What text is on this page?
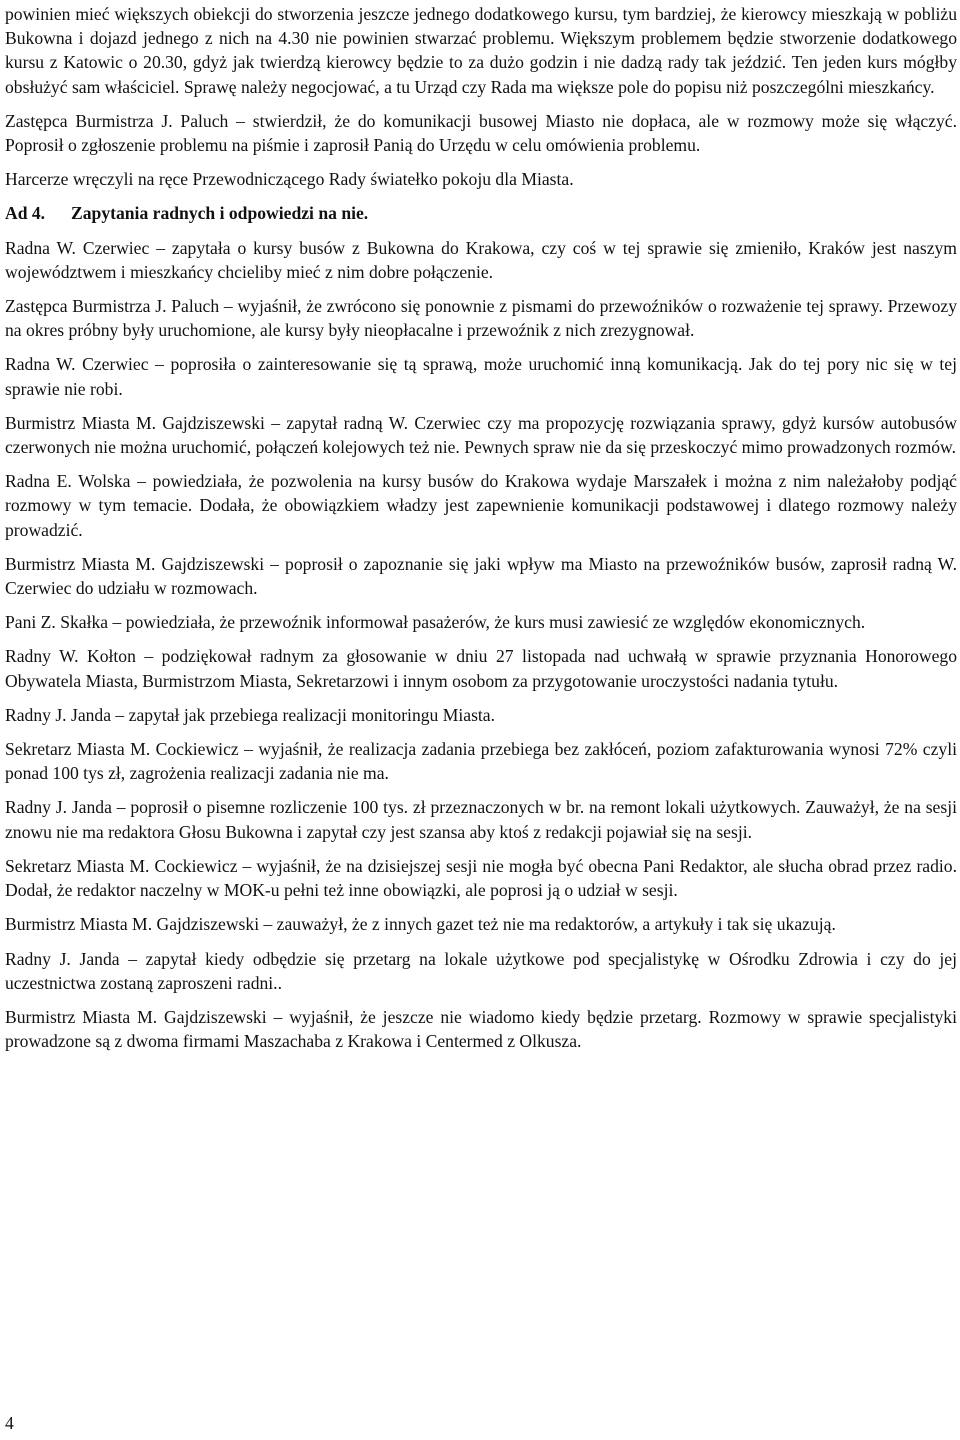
powinien mieć większych obiekcji do stworzenia jeszcze jednego dodatkowego kursu, tym bardziej, że kierowcy mieszkają w pobliżu Bukowna i dojazd jednego z nich na 4.30 nie powinien stwarzać problemu. Większym problemem będzie stworzenie dodatkowego kursu z Katowic o 20.30, gdyż jak twierdzą kierowcy będzie to za dużo godzin i nie dadzą rady tak jeździć. Ten jeden kurs mógłby obsłużyć sam właściciel. Sprawę należy negocjować, a tu Urząd czy Rada ma większe pole do popisu niż poszczególni mieszkańcy.

Zastępca Burmistrza J. Paluch – stwierdził, że do komunikacji busowej Miasto nie dopłaca, ale w rozmowy może się włączyć. Poprosił o zgłoszenie problemu na piśmie i zaprosił Panią do Urzędu w celu omówienia problemu.

Harcerze wręczyli na ręce Przewodniczącego Rady światełko pokoju dla Miasta.

Ad 4. Zapytania radnych i odpowiedzi na nie.

Radna W. Czerwiec – zapytała o kursy busów z Bukowna do Krakowa, czy coś w tej sprawie się zmieniło, Kraków jest naszym województwem i mieszkańcy chcieliby mieć z nim dobre połączenie.

Zastępca Burmistrza J. Paluch – wyjaśnił, że zwrócono się ponownie z pismami do przewoźników o rozważenie tej sprawy. Przewozy na okres próbny były uruchomione, ale kursy były nieopłacalne i przewoźnik z nich zrezygnował.

Radna W. Czerwiec – poprosiła o zainteresowanie się tą sprawą, może uruchomić inną komunikacją. Jak do tej pory nic się w tej sprawie nie robi.

Burmistrz Miasta M. Gajdziszewski – zapytał radną W. Czerwiec czy ma propozycję rozwiązania sprawy, gdyż kursów autobusów czerwonych nie można uruchomić, połączeń kolejowych też nie. Pewnych spraw nie da się przeskoczyć mimo prowadzonych rozmów.

Radna E. Wolska – powiedziała, że pozwolenia na kursy busów do Krakowa wydaje Marszałek i można z nim należałoby podjąć rozmowy w tym temacie. Dodała, że obowiązkiem władzy jest zapewnienie komunikacji podstawowej i dlatego rozmowy należy prowadzić.

Burmistrz Miasta M. Gajdziszewski – poprosił o zapoznanie się jaki wpływ ma Miasto na przewoźników busów, zaprosił radną W. Czerwiec do udziału w rozmowach.

Pani Z. Skałka – powiedziała, że przewoźnik informował pasażerów, że kurs musi zawiesić ze względów ekonomicznych.

Radny W. Kołton – podziękował radnym za głosowanie w dniu 27 listopada nad uchwałą w sprawie przyznania Honorowego Obywatela Miasta, Burmistrzom Miasta, Sekretarzowi i innym osobom za przygotowanie uroczystości nadania tytułu.

Radny J. Janda – zapytał jak przebiega realizacji monitoringu Miasta.

Sekretarz Miasta M. Cockiewicz – wyjaśnił, że realizacja zadania przebiega bez zakłóceń, poziom zafakturowania wynosi 72% czyli ponad 100 tys zł, zagrożenia realizacji zadania nie ma.

Radny J. Janda – poprosił o pisemne rozliczenie 100 tys. zł przeznaczonych w br. na remont lokali użytkowych. Zauważył, że na sesji znowu nie ma redaktora Głosu Bukowna i zapytał czy jest szansa aby ktoś z redakcji pojawiał się na sesji.

Sekretarz Miasta M. Cockiewicz – wyjaśnił, że na dzisiejszej sesji nie mogła być obecna Pani Redaktor, ale słucha obrad przez radio. Dodał, że redaktor naczelny w MOK-u pełni też inne obowiązki, ale poprosi ją o udział w sesji.

Burmistrz Miasta M. Gajdziszewski – zauważył, że z innych gazet też nie ma redaktorów, a artykuły i tak się ukazują.

Radny J. Janda – zapytał kiedy odbędzie się przetarg na lokale użytkowe pod specjalistykę w Ośrodku Zdrowia i czy do jej uczestnictwa zostaną zaproszeni radni..

Burmistrz Miasta M. Gajdziszewski – wyjaśnił, że jeszcze nie wiadomo kiedy będzie przetarg. Rozmowy w sprawie specjalistyki prowadzone są z dwoma firmami Maszachaba z Krakowa i Centermed z Olkusza.

4
